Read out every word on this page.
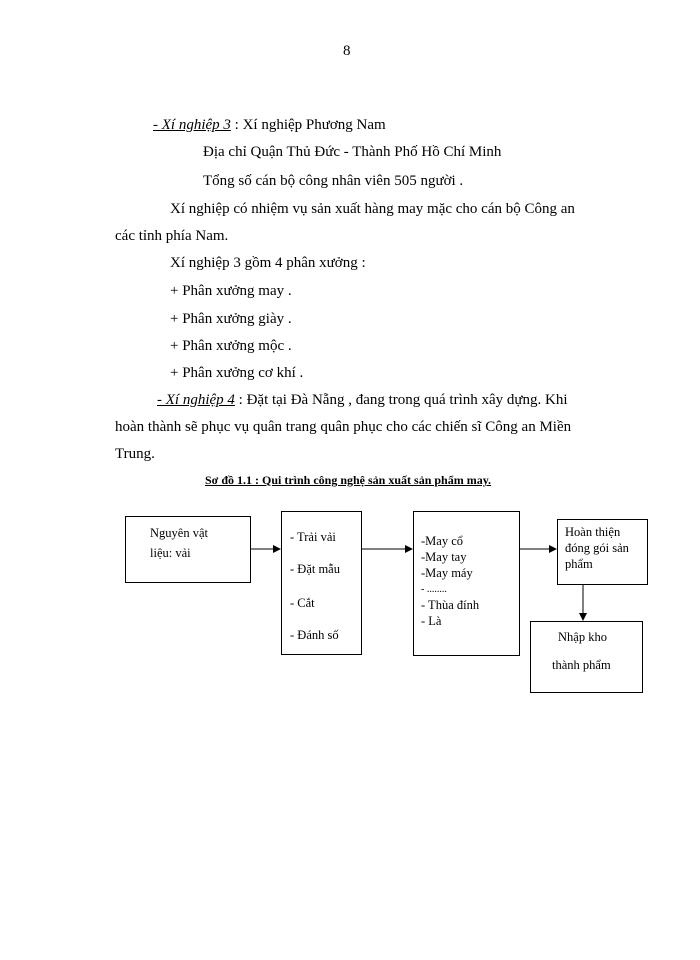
8
- Xí nghiệp 3 : Xí nghiệp Phương Nam
Địa chỉ Quận Thủ Đức - Thành Phố Hồ Chí Minh
Tổng số cán bộ công nhân viên 505 người .
Xí nghiệp có nhiệm vụ sản xuất hàng may mặc cho cán bộ Công an
các tỉnh phía Nam.
Xí nghiệp 3 gồm 4 phân xưởng :
+ Phân xưởng may .
+ Phân xưởng giày .
+ Phân xưởng mộc .
+ Phân xưởng cơ khí .
- Xí nghiệp 4 : Đặt tại Đà Nẵng , đang trong quá trình xây dựng. Khi
hoàn thành sẽ phục vụ quân trang quân phục cho các chiến sĩ Công an Miền
Trung.
Sơ đồ 1.1 : Qui trình công nghệ sản xuất sản phẩm may.
Nguyên vật
liệu: vải
- Trải vải
- Đặt mẫu
- Cắt
- Đánh số
-May cổ
-May tay
-May máy
- ........
- Thùa đính
- Là
Hoàn thiện
đóng gói sản
phẩm
Nhập kho
thành phẩm
